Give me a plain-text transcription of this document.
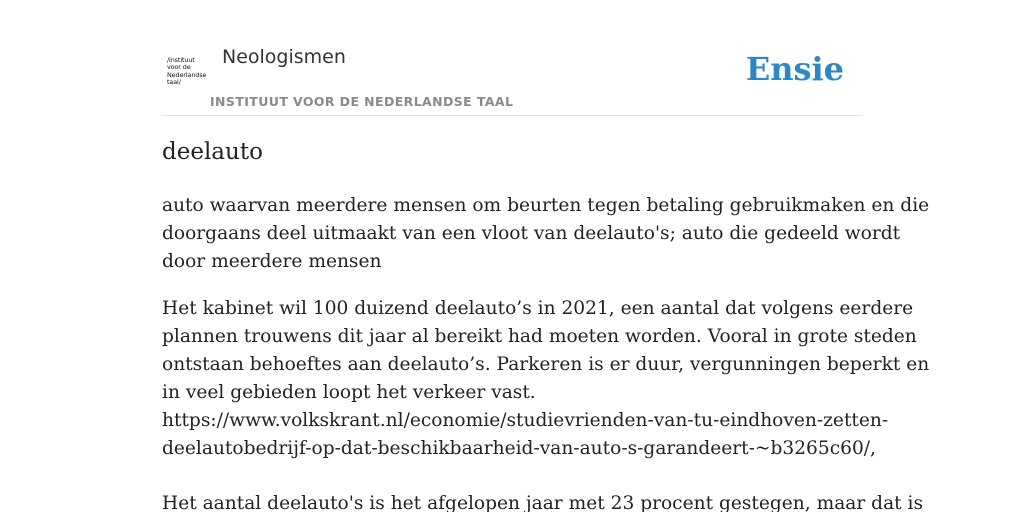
/instituut
voor de
Nederlandse
taal/
Neologismen
INSTITUUT VOOR DE NEDERLANDSE TAAL
Ensie
deelauto

auto waarvan meerdere mensen om beurten tegen betaling gebruikmaken en die
doorgaans deel uitmaakt van een vloot van deelauto's; auto die gedeeld wordt
door meerdere mensen

Het kabinet wil 100 duizend deelauto’s in 2021, een aantal dat volgens eerdere
plannen trouwens dit jaar al bereikt had moeten worden. Vooral in grote steden
ontstaan behoeftes aan deelauto’s. Parkeren is er duur, vergunningen beperkt en
in veel gebieden loopt het verkeer vast.
https://www.volkskrant.nl/economie/studievrienden-van-tu-eindhoven-zetten-
deelautobedrijf-op-dat-beschikbaarheid-van-auto-s-garandeert-~b3265c60/,

Het aantal deelauto's is het afgelopen jaar met 23 procent gestegen, maar dat is
